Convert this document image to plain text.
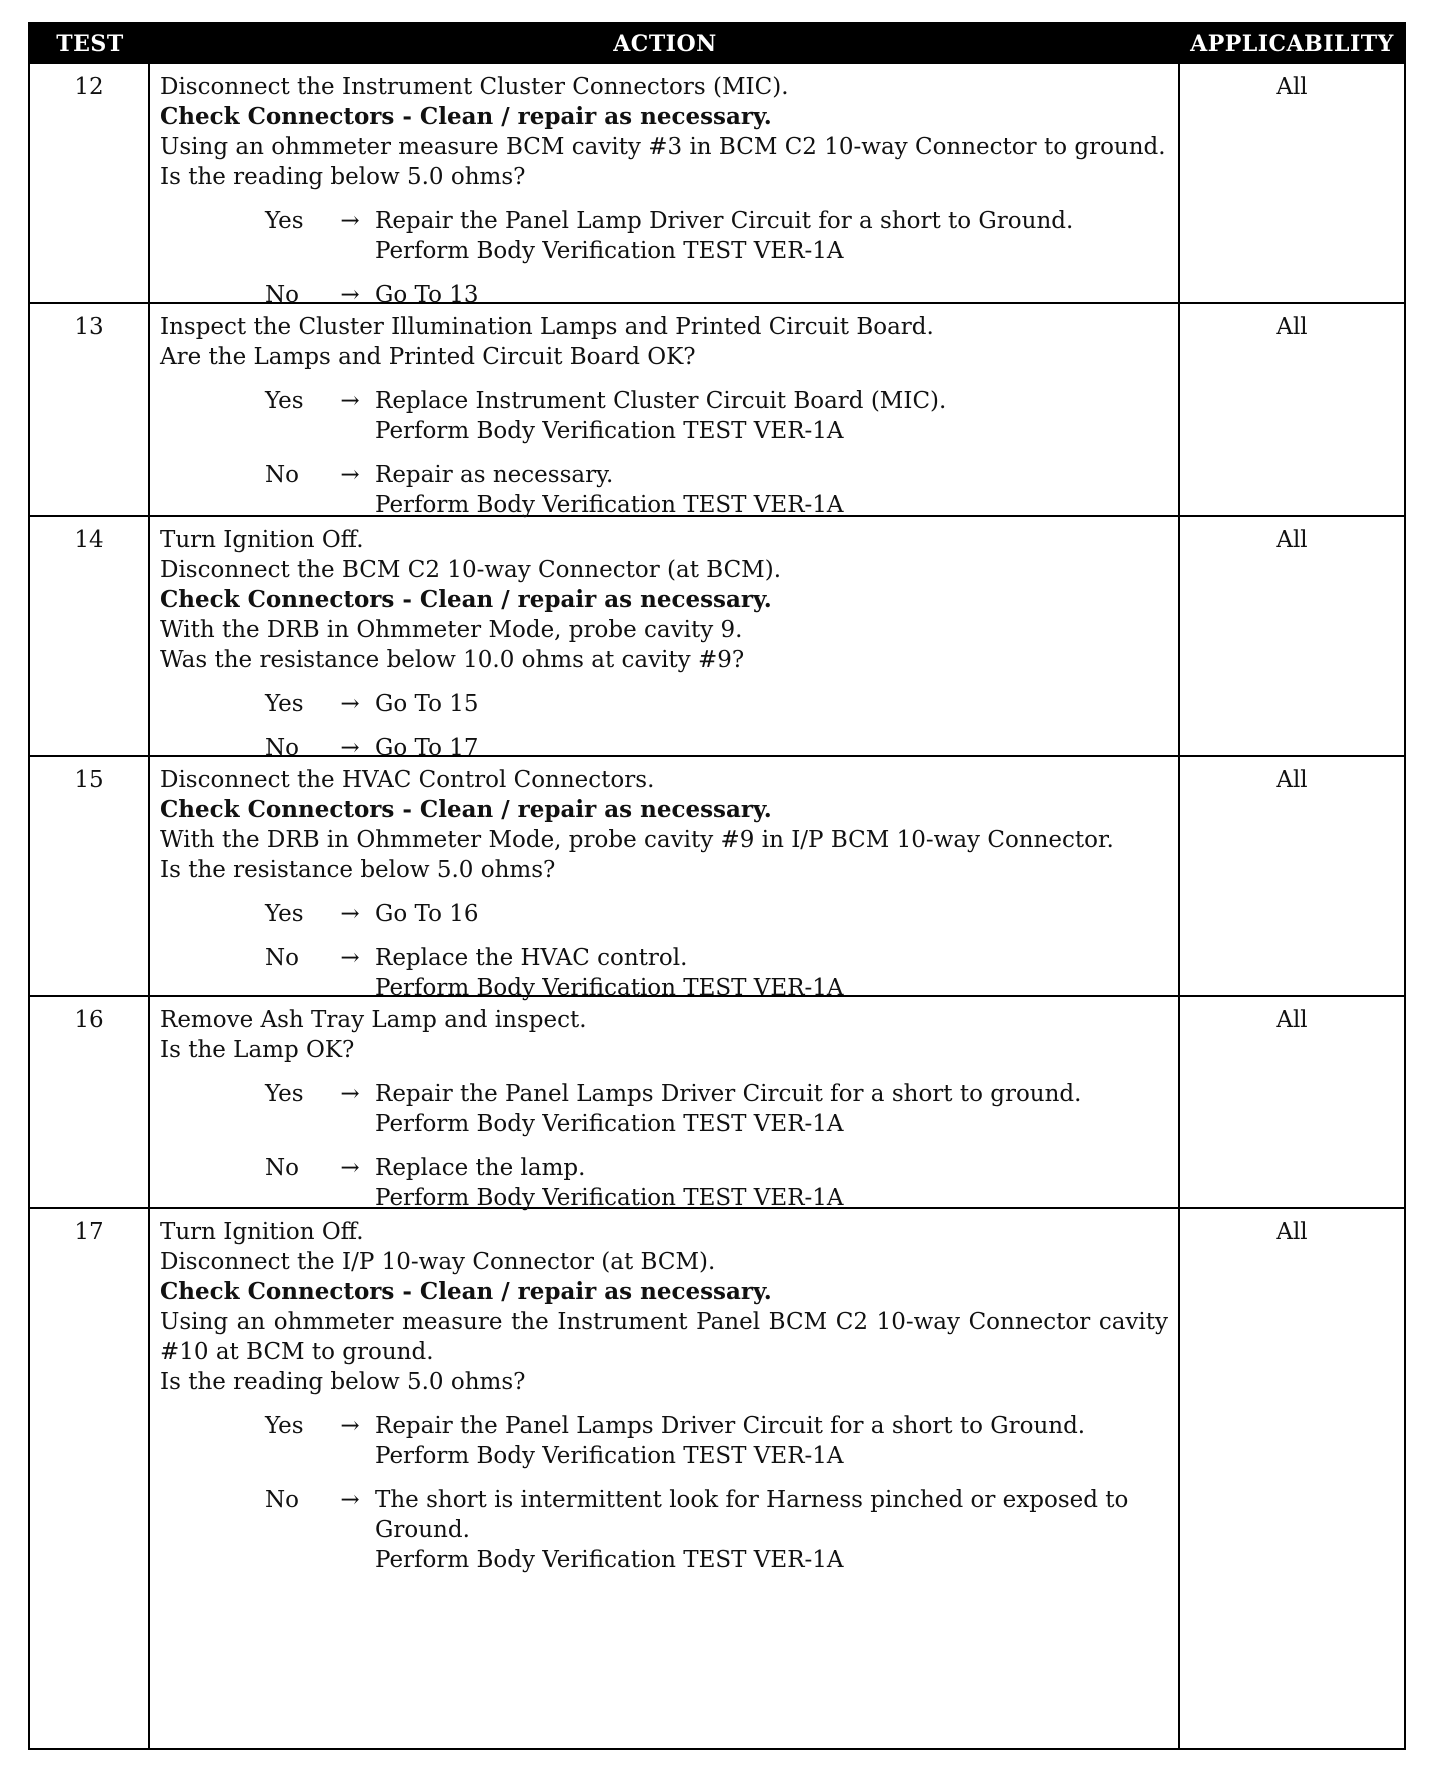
TEST	ACTION	APPLICABILITY
12	Disconnect the Instrument Cluster Connectors (MIC).
Check Connectors - Clean / repair as necessary.
Using an ohmmeter measure BCM cavity #3 in BCM C2 10-way Connector to ground.
Is the reading below 5.0 ohms?
Yes	→ Repair the Panel Lamp Driver Circuit for a short to Ground.
Perform Body Verification TEST VER-1A
No	→ Go To 13
All
13	Inspect the Cluster Illumination Lamps and Printed Circuit Board.
Are the Lamps and Printed Circuit Board OK?
Yes	→ Replace Instrument Cluster Circuit Board (MIC).
Perform Body Verification TEST VER-1A
No	→ Repair as necessary.
Perform Body Verification TEST VER-1A
All
14	Turn Ignition Off.
Disconnect the BCM C2 10-way Connector (at BCM).
Check Connectors - Clean / repair as necessary.
With the DRB in Ohmmeter Mode, probe cavity 9.
Was the resistance below 10.0 ohms at cavity #9?
Yes	→ Go To 15
No	→ Go To 17
All
15	Disconnect the HVAC Control Connectors.
Check Connectors - Clean / repair as necessary.
With the DRB in Ohmmeter Mode, probe cavity #9 in I/P BCM 10-way Connector.
Is the resistance below 5.0 ohms?
Yes	→ Go To 16
No	→ Replace the HVAC control.
Perform Body Verification TEST VER-1A
All
16	Remove Ash Tray Lamp and inspect.
Is the Lamp OK?
Yes	→ Repair the Panel Lamps Driver Circuit for a short to ground.
Perform Body Verification TEST VER-1A
No	→ Replace the lamp.
Perform Body Verification TEST VER-1A
All
17	Turn Ignition Off.
Disconnect the I/P 10-way Connector (at BCM).
Check Connectors - Clean / repair as necessary.
Using an ohmmeter measure the Instrument Panel BCM C2 10-way Connector cavity #10 at BCM to ground.
Is the reading below 5.0 ohms?
Yes	→ Repair the Panel Lamps Driver Circuit for a short to Ground.
Perform Body Verification TEST VER-1A
No	→ The short is intermittent look for Harness pinched or exposed to Ground.
Perform Body Verification TEST VER-1A
All
